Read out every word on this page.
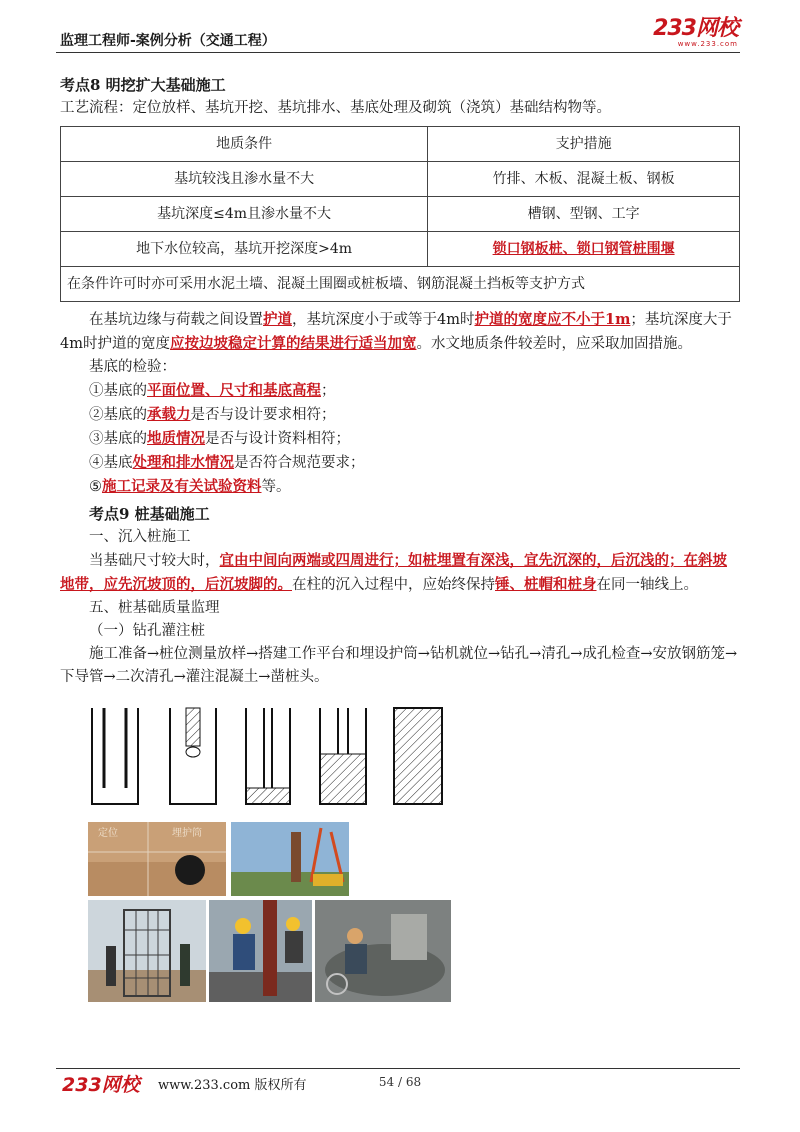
监理工程师-案例分析（交通工程）	233网校
www.233.com

考点8 明挖扩大基础施工

工艺流程：定位放样、基坑开挖、基坑排水、基底处理及砌筑（浇筑）基础结构物等。

地质条件	支护措施
基坑较浅且渗水量不大	竹排、木板、混凝土板、钢板
基坑深度≤4m且渗水量不大	槽钢、型钢、工字
地下水位较高，基坑开挖深度>4m	锁口钢板桩、锁口钢管桩围堰
在条件许可时亦可采用水泥土墙、混凝土围圈或桩板墙、钢筋混凝土挡板等支护方式	

在基坑边缘与荷载之间设置护道，基坑深度小于或等于4m时护道的宽度应不小于1m；基坑深度大于4m时护道的宽度应按边坡稳定计算的结果进行适当加宽。水文地质条件较差时，应采取加固措施。

基底的检验：

①基底的平面位置、尺寸和基底高程；

②基底的承载力是否与设计要求相符；

③基底的地质情况是否与设计资料相符；

④基底处理和排水情况是否符合规范要求；

⑤施工记录及有关试验资料等。

考点9 桩基础施工

一、沉入桩施工

当基础尺寸较大时，宜由中间向两端或四周进行；如桩埋置有深浅，宜先沉深的，后沉浅的；在斜坡地带，应先沉坡顶的，后沉坡脚的。在柱的沉入过程中，应始终保持锤、桩帽和桩身在同一轴线上。

五、桩基础质量监理

（一）钻孔灌注桩

施工准备→桩位测量放样→搭建工作平台和埋设护筒→钻机就位→钻孔→清孔→成孔检查→安放钢筋笼→下导管→二次清孔→灌注混凝土→凿桩头。

定位	埋护筒
233网校 www.233.com 版权所有	54 / 68
